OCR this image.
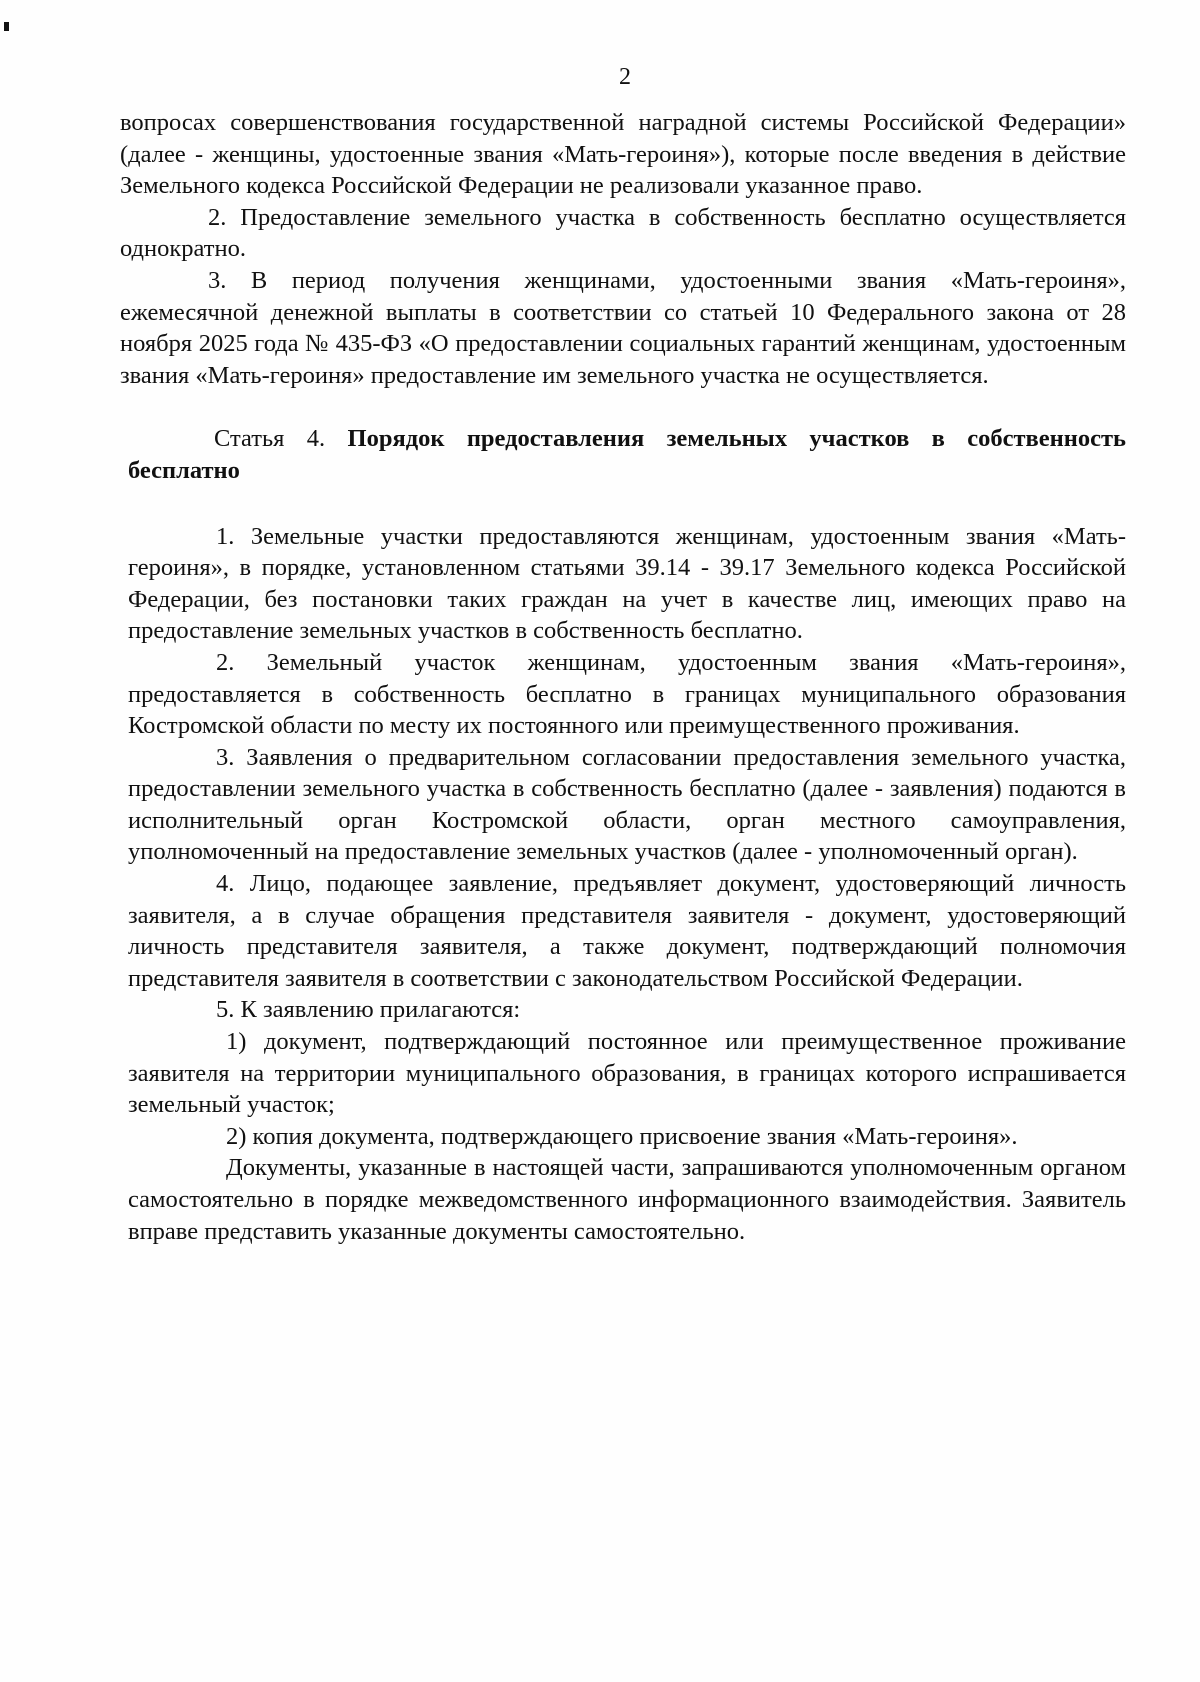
2

вопросах совершенствования государственной наградной системы Российской Федерации» (далее - женщины, удостоенные звания «Мать-героиня»), которые после введения в действие Земельного кодекса Российской Федерации не реализовали указанное право.

2. Предоставление земельного участка в собственность бесплатно осуществляется однократно.

3. В период получения женщинами, удостоенными звания «Мать-героиня», ежемесячной денежной выплаты в соответствии со статьей 10 Федерального закона от 28 ноября 2025 года № 435-ФЗ «О предоставлении социальных гарантий женщинам, удостоенным звания «Мать-героиня» предоставление им земельного участка не осуществляется.

Статья 4. Порядок предоставления земельных участков в собственность бесплатно

1. Земельные участки предоставляются женщинам, удостоенным звания «Мать-героиня», в порядке, установленном статьями 39.14 - 39.17 Земельного кодекса Российской Федерации, без постановки таких граждан на учет в качестве лиц, имеющих право на предоставление земельных участков в собственность бесплатно.

2. Земельный участок женщинам, удостоенным звания «Мать-героиня», предоставляется в собственность бесплатно в границах муниципального образования Костромской области по месту их постоянного или преимущественного проживания.

3. Заявления о предварительном согласовании предоставления земельного участка, предоставлении земельного участка в собственность бесплатно (далее - заявления) подаются в исполнительный орган Костромской области, орган местного самоуправления, уполномоченный на предоставление земельных участков (далее - уполномоченный орган).

4. Лицо, подающее заявление, предъявляет документ, удостоверяющий личность заявителя, а в случае обращения представителя заявителя - документ, удостоверяющий личность представителя заявителя, а также документ, подтверждающий полномочия представителя заявителя в соответствии с законодательством Российской Федерации.

5. К заявлению прилагаются:

1) документ, подтверждающий постоянное или преимущественное проживание заявителя на территории муниципального образования, в границах которого испрашивается земельный участок;

2) копия документа, подтверждающего присвоение звания «Мать-героиня».

Документы, указанные в настоящей части, запрашиваются уполномоченным органом самостоятельно в порядке межведомственного информационного взаимодействия. Заявитель вправе представить указанные документы самостоятельно.
